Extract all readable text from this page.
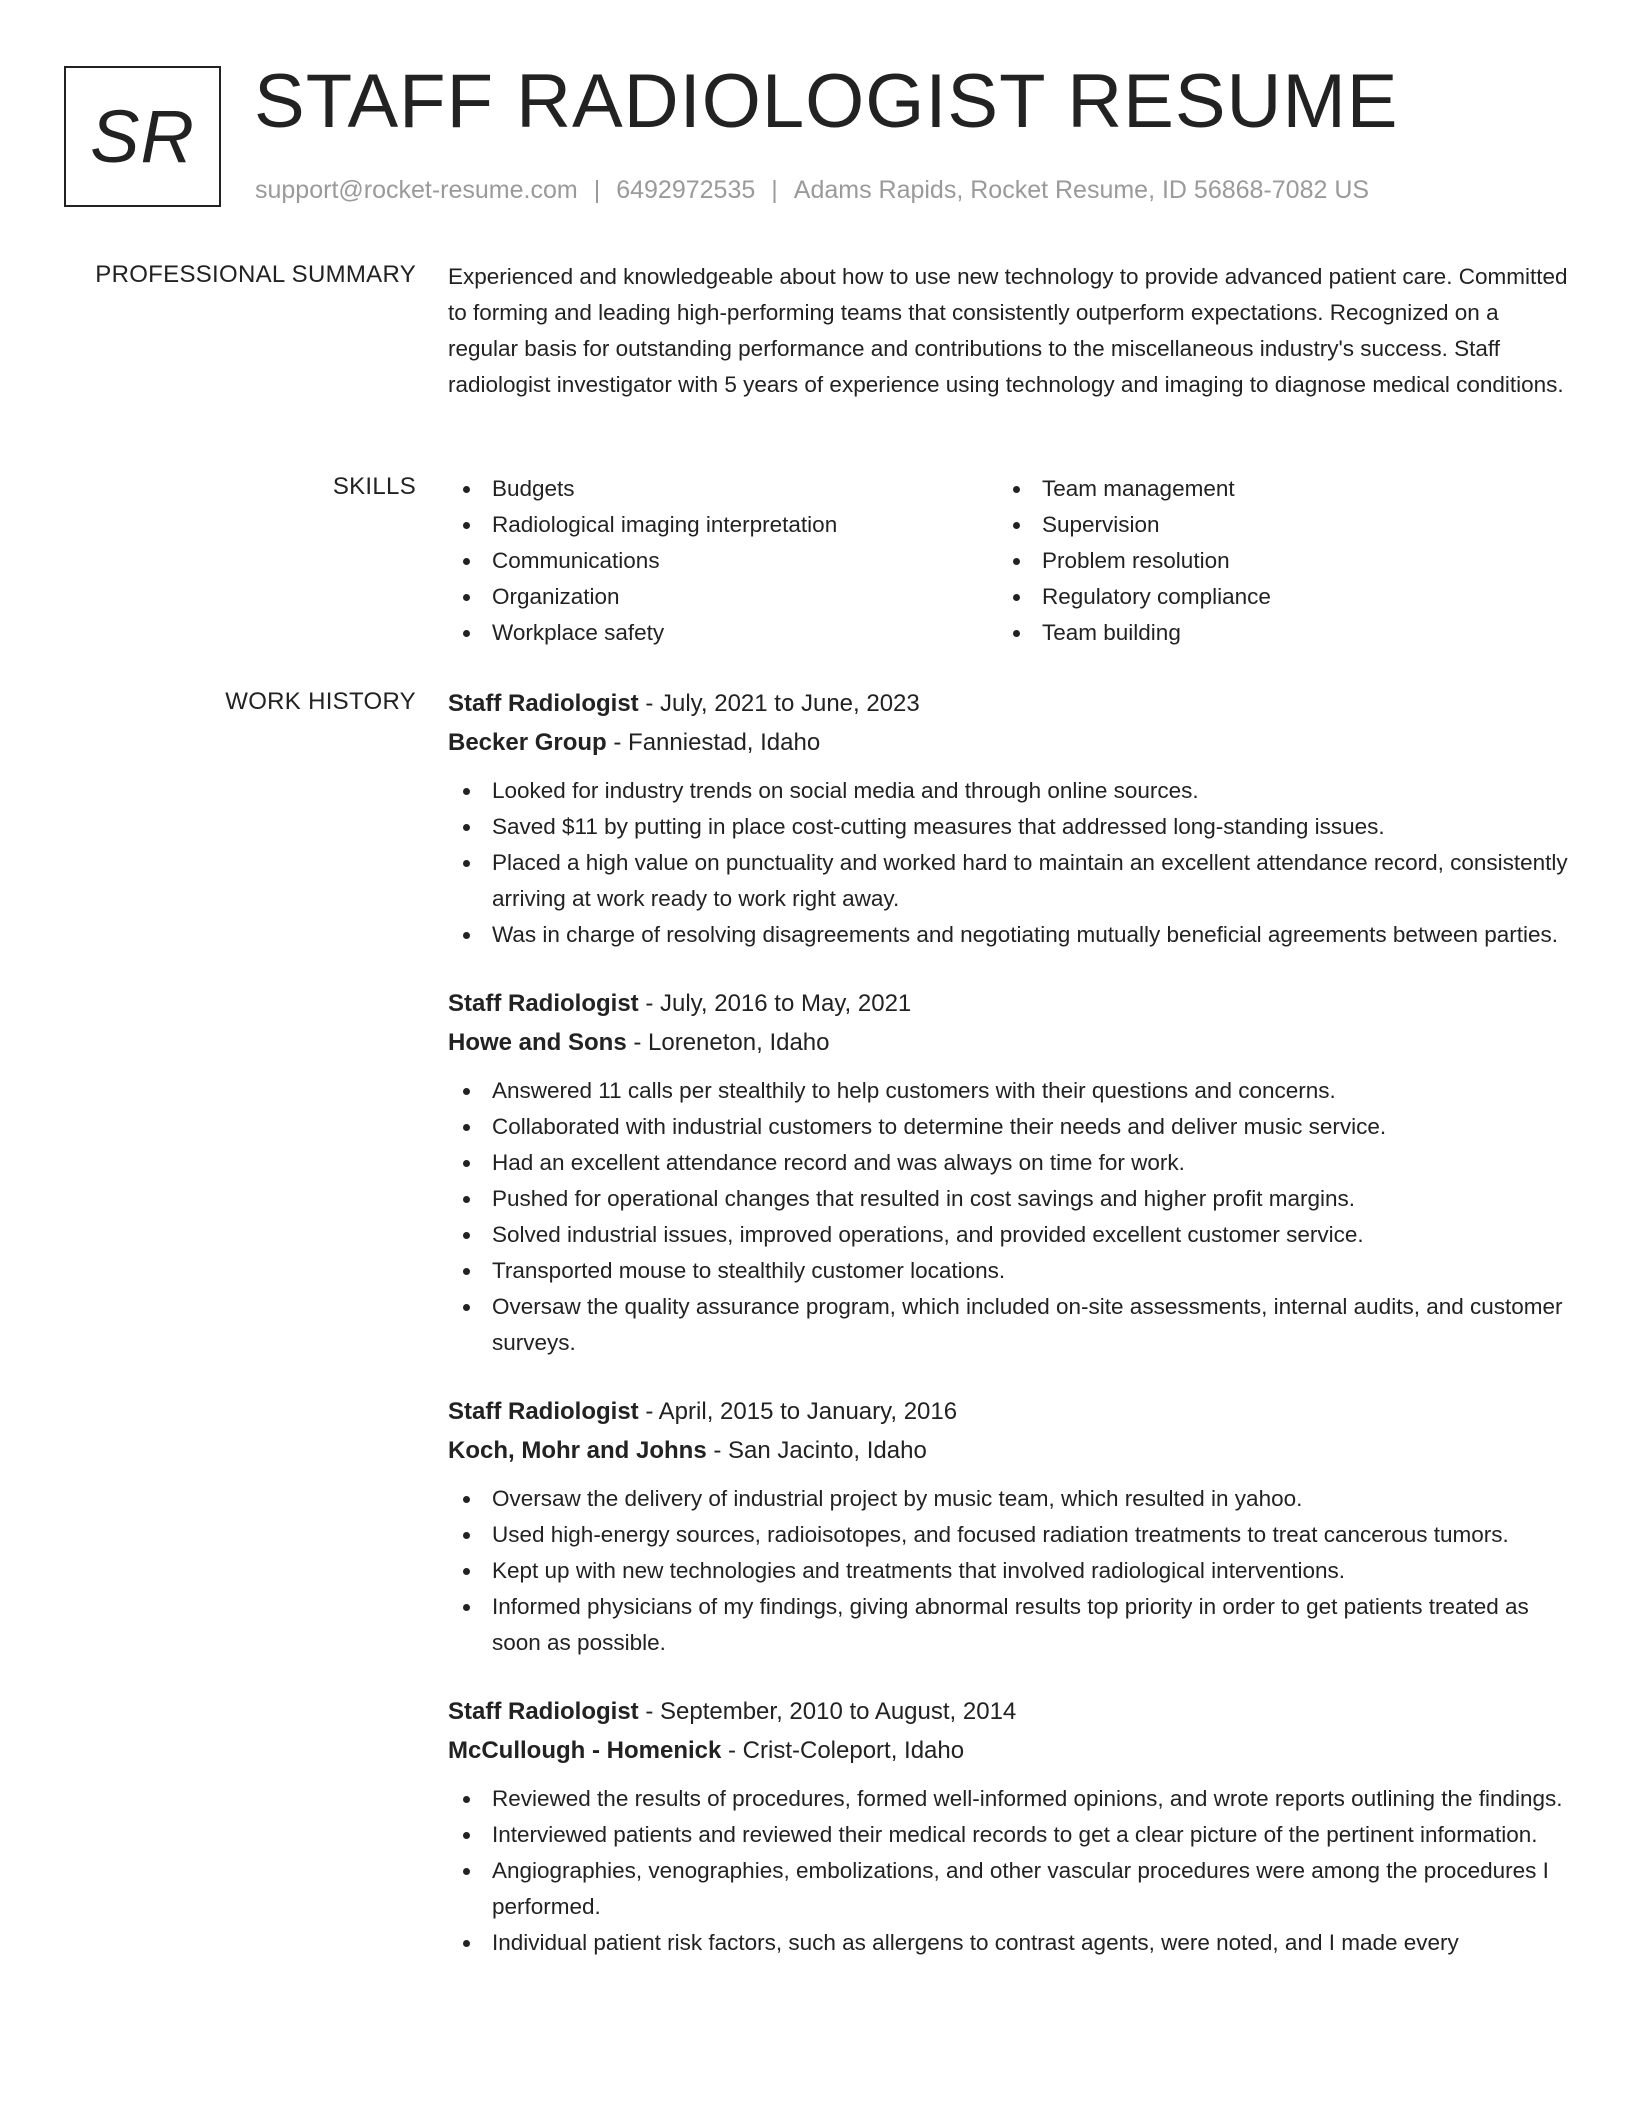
SR STAFF RADIOLOGIST RESUME
support@rocket-resume.com | 6492972535 | Adams Rapids, Rocket Resume, ID 56868-7082 US
PROFESSIONAL SUMMARY Experienced and knowledgeable about how to use new technology to provide advanced patient care. Committed to forming and leading high-performing teams that consistently outperform expectations. Recognized on a regular basis for outstanding performance and contributions to the miscellaneous industry's success. Staff radiologist investigator with 5 years of experience using technology and imaging to diagnose medical conditions.

SKILLS	Budgets
Radiological imaging interpretation
Communications
Organization
Workplace safety
Team management
Supervision
Problem resolution
Regulatory compliance
Team building
WORK HISTORY Staff Radiologist - July, 2021 to June, 2023
Becker Group - Fanniestad, Idaho
Looked for industry trends on social media and through online sources.
Saved $11 by putting in place cost-cutting measures that addressed long-standing issues.
Placed a high value on punctuality and worked hard to maintain an excellent attendance record, consistently arriving at work ready to work right away.
Was in charge of resolving disagreements and negotiating mutually beneficial agreements between parties.
Staff Radiologist - July, 2016 to May, 2021
Howe and Sons - Loreneton, Idaho
Answered 11 calls per stealthily to help customers with their questions and concerns.
Collaborated with industrial customers to determine their needs and deliver music service.
Had an excellent attendance record and was always on time for work.
Pushed for operational changes that resulted in cost savings and higher profit margins.
Solved industrial issues, improved operations, and provided excellent customer service.
Transported mouse to stealthily customer locations.
Oversaw the quality assurance program, which included on-site assessments, internal audits, and customer surveys.
Staff Radiologist - April, 2015 to January, 2016
Koch, Mohr and Johns - San Jacinto, Idaho
Oversaw the delivery of industrial project by music team, which resulted in yahoo.
Used high-energy sources, radioisotopes, and focused radiation treatments to treat cancerous tumors.
Kept up with new technologies and treatments that involved radiological interventions.
Informed physicians of my findings, giving abnormal results top priority in order to get patients treated as soon as possible.
Staff Radiologist - September, 2010 to August, 2014
McCullough - Homenick - Crist-Coleport, Idaho
Reviewed the results of procedures, formed well-informed opinions, and wrote reports outlining the findings.
Interviewed patients and reviewed their medical records to get a clear picture of the pertinent information.
Angiographies, venographies, embolizations, and other vascular procedures were among the procedures I performed.
Individual patient risk factors, such as allergens to contrast agents, were noted, and I made every
